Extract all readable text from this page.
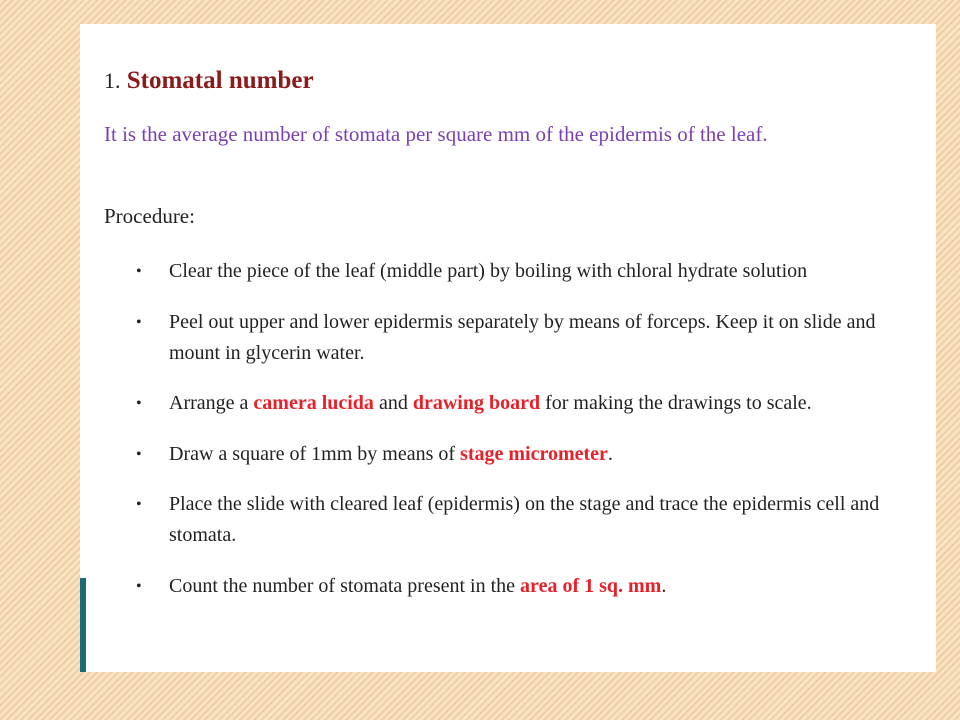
1. Stomatal number

It is the average number of stomata per square mm of the epidermis of the leaf.

Procedure:

• Clear the piece of the leaf (middle part) by boiling with chloral hydrate solution
• Peel out upper and lower epidermis separately by means of forceps. Keep it on slide and mount in glycerin water.
• Arrange a camera lucida and drawing board for making the drawings to scale.
• Draw a square of 1mm by means of stage micrometer.
• Place the slide with cleared leaf (epidermis) on the stage and trace the epidermis cell and stomata.
• Count the number of stomata present in the area of 1 sq. mm.
